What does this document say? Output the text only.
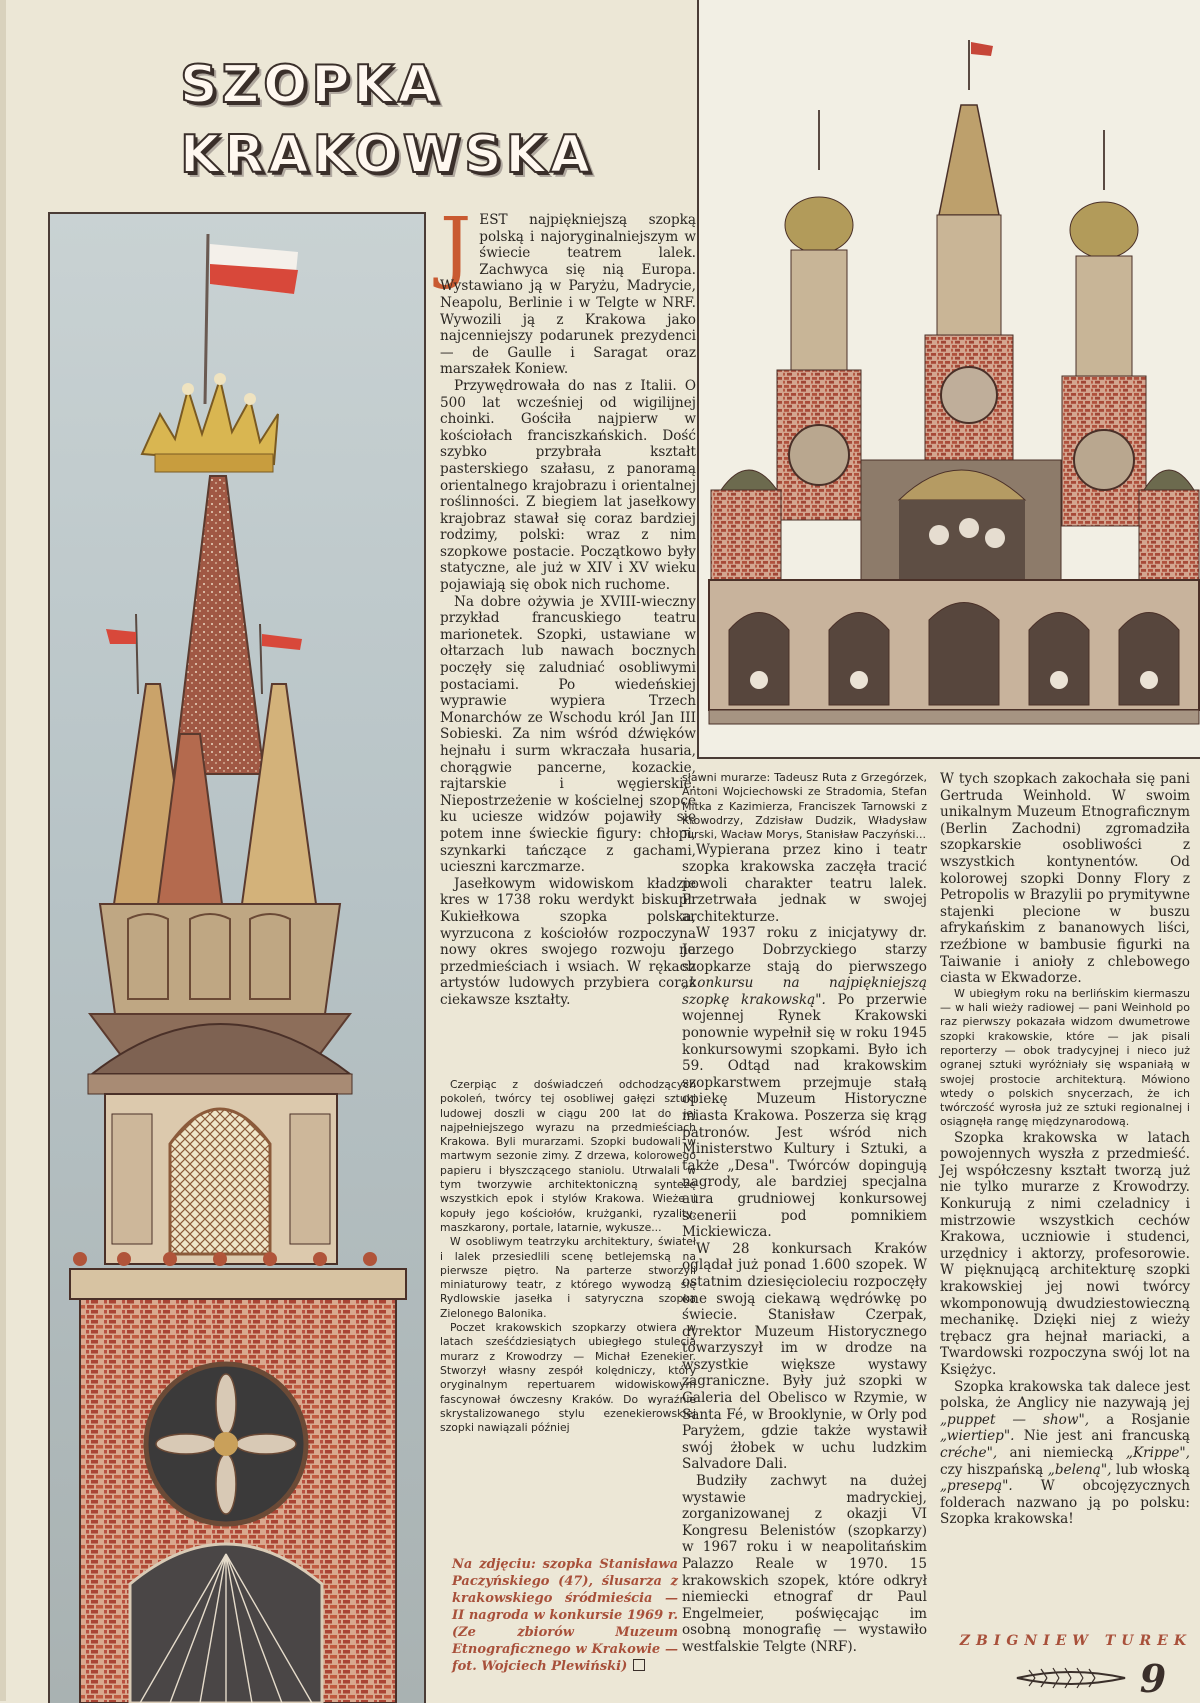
SZOPKA
KRAKOWSKA
J EST najpiękniejszą szopką polską i najoryginalniejszym w świecie teatrem lalek. Zachwyca się nią Europa. Wystawiano ją w Paryżu, Madrycie, Neapolu, Berlinie i w Telgte w NRF. Wywozili ją z Krakowa jako najcenniejszy podarunek prezydenci — de Gaulle i Saragat oraz marszałek Koniew.

Przywędrowała do nas z Italii. O 500 lat wcześniej od wigilijnej choinki. Gościła najpierw w kościołach franciszkańskich. Dość szybko przybrała kształt pasterskiego szałasu, z panoramą orientalnego krajobrazu i orientalnej roślinności. Z biegiem lat jasełkowy krajobraz stawał się coraz bardziej rodzimy, polski: wraz z nim szopkowe postacie. Początkowo były statyczne, ale już w XIV i XV wieku pojawiają się obok nich ruchome.

Na dobre ożywia je XVIII-wieczny przykład francuskiego teatru marionetek. Szopki, ustawiane w ołtarzach lub nawach bocznych poczęły się zaludniać osobliwymi postaciami. Po wiedeńskiej wyprawie wypiera Trzech Monarchów ze Wschodu król Jan III Sobieski. Za nim wśród dźwięków hejnału i surm wkraczała husaria, chorągwie pancerne, kozackie, rajtarskie i węgierskie. Niepostrzeżenie w kościelnej szopce ku uciesze widzów pojawiły się potem inne świeckie figury: chłopi, szynkarki tańczące z gachami, uciesznі karczmarze.

Jasełkowym widowiskom kładzie kres w 1738 roku werdykt biskupi. Kukiełkowa szopka polska, wyrzucona z kościołów rozpoczyna nowy okres swojego rozwoju na przedmieściach i wsiach. W rękach artystów ludowych przybiera coraz ciekawsze kształty.

Czerpiąc z doświadczeń odchodzących pokoleń, twórcy tej osobliwej gałęzi sztuki ludowej doszli w ciągu 200 lat do jej najpełniejszego wyrazu na przedmieściach Krakowa. Byli murarzami. Szopki budowali w martwym sezonie zimy. Z drzewa, kolorowego papieru i błyszczącego staniolu. Utrwalali w tym tworzywie architektoniczną syntezę wszystkich epok i stylów Krakowa. Wieże i kopuły jego kościołów, krużganki, ryzality, maszkarony, portale, latarnie, wykusze...

W osobliwym teatrzyku architektury, świateł i lalek przesiedlili scenę betlejemską na pierwsze piętro. Na parterze stworzyli miniaturowy teatr, z którego wywodzą się Rydlowskie jasełka i satyryczna szopka Zielonego Balonika.

Poczet krakowskich szopkarzy otwiera w latach sześćdziesiątych ubiegłego stulecia murarz z Krowodrzy — Michał Ezenekier. Stworzył własny zespół kolędniczy, który oryginalnym repertuarem widowiskowym fascynował ówczesny Kraków. Do wyraźnie skrystalizowanego stylu ezenekierowskiej szopki nawiązali później

Na zdjęciu: szopka Stanisława Paczyńskiego (47), ślusarza z krakowskiego śródmieścia — II nagroda w konkursie 1969 r. (Ze zbiorów Muzeum Etnograficznego w Krakowie — fot. Wojciech Plewiński)

sławni murarze: Tadeusz Ruta z Grzegórzek, Antoni Wojciechowski ze Stradomia, Stefan Mitka z Kazimierza, Franciszek Tarnowski z Krowodrzy, Zdzisław Dudzik, Władysław Turski, Wacław Morys, Stanisław Paczyński...

Wypierana przez kino i teatr szopka krakowska zaczęła tracić powoli charakter teatru lalek. Przetrwała jednak w swojej architekturze.

W 1937 roku z inicjatywy dr. Jerzego Dobrzyckiego starzy szopkarze stają do pierwszego „konkursu na najpiękniejszą szopkę krakowską". Po przerwie wojennej Rynek Krakowski ponownie wypełnił się w roku 1945 konkursowymi szopkami. Było ich 59. Odtąd nad krakowskim szopkarstwem przejmuje stałą opiekę Muzeum Historyczne miasta Krakowa. Poszerza się krąg patronów. Jest wśród nich Ministerstwo Kultury i Sztuki, a także „Desa". Twórców dopingują nagrody, ale bardziej specjalna aura grudniowej konkursowej scenerii pod pomnikiem Mickiewicza.

W 28 konkursach Kraków oglądał już ponad 1.600 szopek. W ostatnim dziesięcioleciu rozpoczęły one swoją ciekawą wędrówkę po świecie. Stanisław Czerpak, dyrektor Muzeum Historycznego towarzyszył im w drodze na wszystkie większe wystawy zagraniczne. Były już szopki w Galeria del Obelisco w Rzymie, w Santa Fé, w Brooklynie, w Orly pod Paryżem, gdzie także wystawił swój żłobek w uchu ludzkim Salvadore Dali.

Budziły zachwyt na dużej wystawie madryckiej, zorganizowanej z okazji VI Kongresu Belenistów (szopkarzy) w 1967 roku i w neapolitańskim Palazzo Reale w 1970. 15 krakowskich szopek, które odkrył niemiecki etnograf dr Paul Engelmeier, poświęcając im osobną monografię — wystawiło westfalskie Telgte (NRF).

W tych szopkach zakochała się pani Gertruda Weinhold. W swoim unikalnym Muzeum Etnograficznym (Berlin Zachodni) zgromadziła szopkarskie osobliwości z wszystkich kontynentów. Od kolorowej szopki Donny Flory z Petropolis w Brazylii po prymitywne stajenki plecione w buszu afrykańskim z bananowych liści, rzeźbione w bambusie figurki na Taiwanie i anioły z chlebowego ciasta w Ekwadorze.

W ubiegłym roku na berlińskim kiermaszu — w hali wieży radiowej — pani Weinhold po raz pierwszy pokazała widzom dwumetrowe szopki krakowskie, które — jak pisali reporterzy — obok tradycyjnej i nieco już ogranej sztuki wyróżniały się wspaniałą w swojej prostocie architekturą. Mówiono wtedy o polskich snycerzach, że ich twórczość wyrosła już ze sztuki regionalnej i osiągnęła rangę międzynarodową.

Szopka krakowska w latach powojennych wyszła z przedmieść. Jej współczesny kształt tworzą już nie tylko murarze z Krowodrzy. Konkurują z nimi czeladnicy i mistrzowie wszystkich cechów Krakowa, uczniowie i studenci, urzędnicy i aktorzy, profesorowie. W pięknującą architekturę szopki krakowskiej jej nowi twórcy wkomponowują dwudziestowieczną mechanikę. Dzięki niej z wieży trębacz gra hejnał mariacki, a Twardowski rozpoczyna swój lot na Księżyc.

Szopka krakowska tak dalece jest polska, że Anglicy nie nazywają jej „puppet — show", a Rosjanie „wiertiep". Nie jest ani francuską créche", ani niemiecką „Krippe", czy hiszpańską „beleną", lub włoską „presepą". W obcojęzycznych folderach nazwano ją po polsku: Szopka krakowska!

ZBIGNIEW TUREK
9
